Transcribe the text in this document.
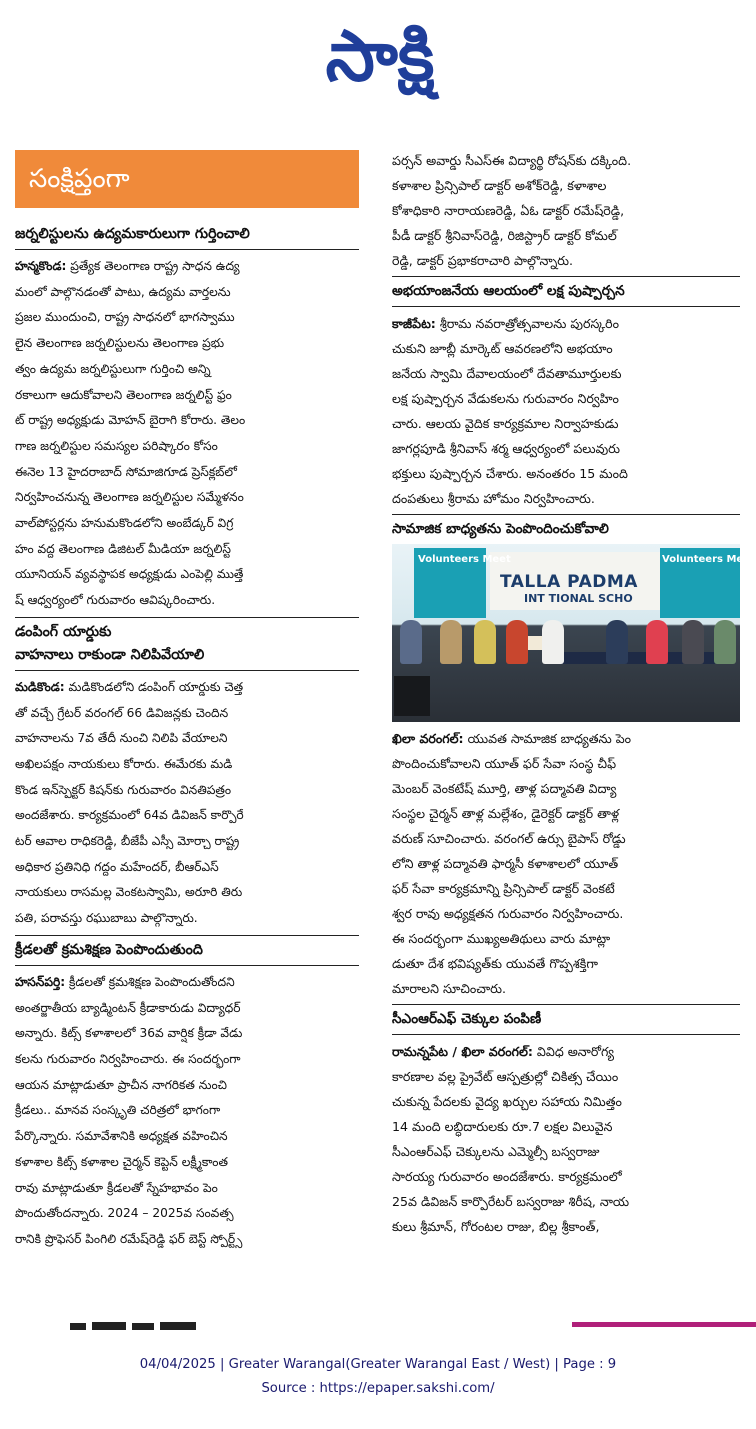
సాక్షి
సంక్షిప్తంగా
జర్నలిస్టులను ఉద్యమకారులుగా గుర్తించాలి
హన్మకొండ: ప్రత్యేక తెలంగాణ రాష్ట్ర సాధన ఉద్య
మంలో పాల్గొనడంతో పాటు, ఉద్యమ వార్తలను
ప్రజల ముందుంచి, రాష్ట్ర సాధనలో భాగస్వాము
లైన తెలంగాణ జర్నలిస్టులను తెలంగాణ ప్రభు
త్వం ఉద్యమ జర్నలిస్టులుగా గుర్తించి అన్ని
రకాలుగా ఆదుకోవాలని తెలంగాణ జర్నలిస్ట్ ఫ్రం
ట్ రాష్ట్ర అధ్యక్షుడు మోహన్ బైరాగి కోరారు. తెలం
గాణ జర్నలిస్టుల సమస్యల పరిష్కారం కోసం
ఈనెల 13 హైదరాబాద్ సోమాజిగూడ ప్రెస్‌క్లబ్‌లో
నిర్వహించనున్న తెలంగాణ జర్నలిస్టుల సమ్మేళనం
వాల్‌పోస్టర్లను హనుమకొండలోని అంబేడ్కర్ విగ్ర
హం వద్ద తెలంగాణ డిజిటల్ మీడియా జర్నలిస్ట్
యూనియన్ వ్యవస్థాపక అధ్యక్షుడు ఎంపెల్లి ముత్తే
ష్ ఆధ్వర్యంలో గురువారం ఆవిష్కరించారు.
డంపింగ్ యార్డుకు
వాహనాలు రాకుండా నిలిపివేయాలి
మడికొండ: మడికొండలోని డంపింగ్ యార్డుకు చెత్త
తో వచ్చే గ్రేటర్ వరంగల్ 66 డివిజన్లకు చెందిన
వాహనాలను 7వ తేదీ నుంచి నిలిపి వేయాలని
అఖిలపక్షం నాయకులు కోరారు. ఈమేరకు మడి
కొండ ఇన్‌స్పెక్టర్ కిషన్‌కు గురువారం వినతిపత్రం
అందజేశారు. కార్యక్రమంలో 64వ డివిజన్ కార్పొరే
టర్ ఆవాల రాధికరెడ్డి, బీజేపీ ఎస్సీ మోర్చా రాష్ట్ర
అధికార ప్రతినిధి గద్దం మహేందర్, బీఆర్‌ఎస్
నాయకులు రాసమల్ల వెంకటస్వామి, అరూరి తిరు
పతి, పరావస్తు రఘుబాబు పాల్గొన్నారు.
క్రీడలతో క్రమశిక్షణ పెంపొందుతుంది
హసన్‌పర్తి: క్రీడలతో క్రమశిక్షణ పెంపొందుతోందని
అంతర్జాతీయ బ్యాడ్మింటన్ క్రీడాకారుడు విద్యాధర్
అన్నారు. కిట్స్ కళాశాలలో 36వ వార్షిక క్రీడా వేడు
కలను గురువారం నిర్వహించారు. ఈ సందర్భంగా
ఆయన మాట్లాడుతూ ప్రాచీన నాగరికత నుంచి
క్రీడలు.. మానవ సంస్కృతి చరిత్రలో భాగంగా
పేర్కొన్నారు. సమావేశానికి అధ్యక్షత వహించిన
కళాశాల కిట్స్ కళాశాల చైర్మన్ కెప్టెన్ లక్ష్మీకాంత
రావు మాట్లాడుతూ క్రీడలతో స్నేహభావం పెం
పొందుతోందన్నారు. 2024 – 2025వ సంవత్స
రానికి ప్రొఫెసర్ పింగిలి రమేష్‌రెడ్డి ఫర్ బెస్ట్ స్పోర్ట్స్
పర్సన్ అవార్డు సీఎస్‌ఈ విద్యార్థి రోషన్‌కు దక్కింది.
కళాశాల ప్రిన్సిపాల్ డాక్టర్ అశోక్‌రెడ్డి, కళాశాల
కోశాధికారి నారాయణరెడ్డి, ఏఓ డాక్టర్ రమేష్‌రెడ్డి,
పీడీ డాక్టర్ శ్రీనివాస్‌రెడ్డి, రిజిస్ట్రార్ డాక్టర్ కోమల్
రెడ్డి, డాక్టర్ ప్రభాకరాచారి పాల్గొన్నారు.
అభయాంజనేయ ఆలయంలో లక్ష పుష్పార్చన
కాజీపేట: శ్రీరామ నవరాత్రోత్సవాలను పురస్కరిం
చుకుని జూబ్లీ మార్కెట్ ఆవరణలోని అభయాం
జనేయ స్వామి దేవాలయంలో దేవతామూర్తులకు
లక్ష పుష్పార్చన వేడుకలను గురువారం నిర్వహిం
చారు. ఆలయ వైదిక కార్యక్రమాల నిర్వాహకుడు
జాగర్లపూడి శ్రీనివాస్ శర్మ ఆధ్వర్యంలో పలువురు
భక్తులు పుష్పార్చన చేశారు. అనంతరం 15 మంది
దంపతులు శ్రీరామ హోమం నిర్వహించారు.
సామాజిక బాధ్యతను పెంపొందించుకోవాలి
Volunteers Meet	Volunteers Meet
TALLA PADMA
INT TIONAL SCHO
ఖిలా వరంగల్: యువత సామాజిక బాధ్యతను పెం
పొందించుకోవాలని యూత్ ఫర్ సేవా సంస్థ చీఫ్
మెంబర్ వెంకటేష్ మూర్తి, తాళ్ల పద్మావతి విద్యా
సంస్థల చైర్మన్ తాళ్ల మల్లేశం, డైరెక్టర్ డాక్టర్ తాళ్ల
వరుణ్ సూచించారు. వరంగల్ ఉర్సు బైపాస్ రోడ్డు
లోని తాళ్ల పద్మావతి ఫార్మసీ కళాశాలలో యూత్
ఫర్ సేవా కార్యక్రమాన్ని ప్రిన్సిపాల్ డాక్టర్ వెంకటే
శ్వర రావు అధ్యక్షతన గురువారం నిర్వహించారు.
ఈ సందర్భంగా ముఖ్యఅతిథులు వారు మాట్లా
డుతూ దేశ భవిష్యత్‌కు యువతే గొప్పశక్తిగా
మారాలని సూచించారు.
సీఎంఆర్‌ఎఫ్ చెక్కుల పంపిణీ
రామన్నపేట / ఖిలా వరంగల్: వివిధ అనారోగ్య
కారణాల వల్ల ప్రైవేట్ ఆస్పత్రుల్లో చికిత్స చేయిం
చుకున్న పేదలకు వైద్య ఖర్చుల సహాయ నిమిత్తం
14 మంది లబ్ధిదారులకు రూ.7 లక్షల విలువైన
సీఎంఆర్‌ఎఫ్ చెక్కులను ఎమ్మెల్సీ బస్వరాజు
సారయ్య గురువారం అందజేశారు. కార్యక్రమంలో
25వ డివిజన్ కార్పొరేటర్ బస్వరాజు శిరీష, నాయ
కులు శ్రీమాన్, గోరంటల రాజు, బిల్ల శ్రీకాంత్,
04/04/2025 | Greater Warangal(Greater Warangal East / West) | Page : 9
Source : https://epaper.sakshi.com/
